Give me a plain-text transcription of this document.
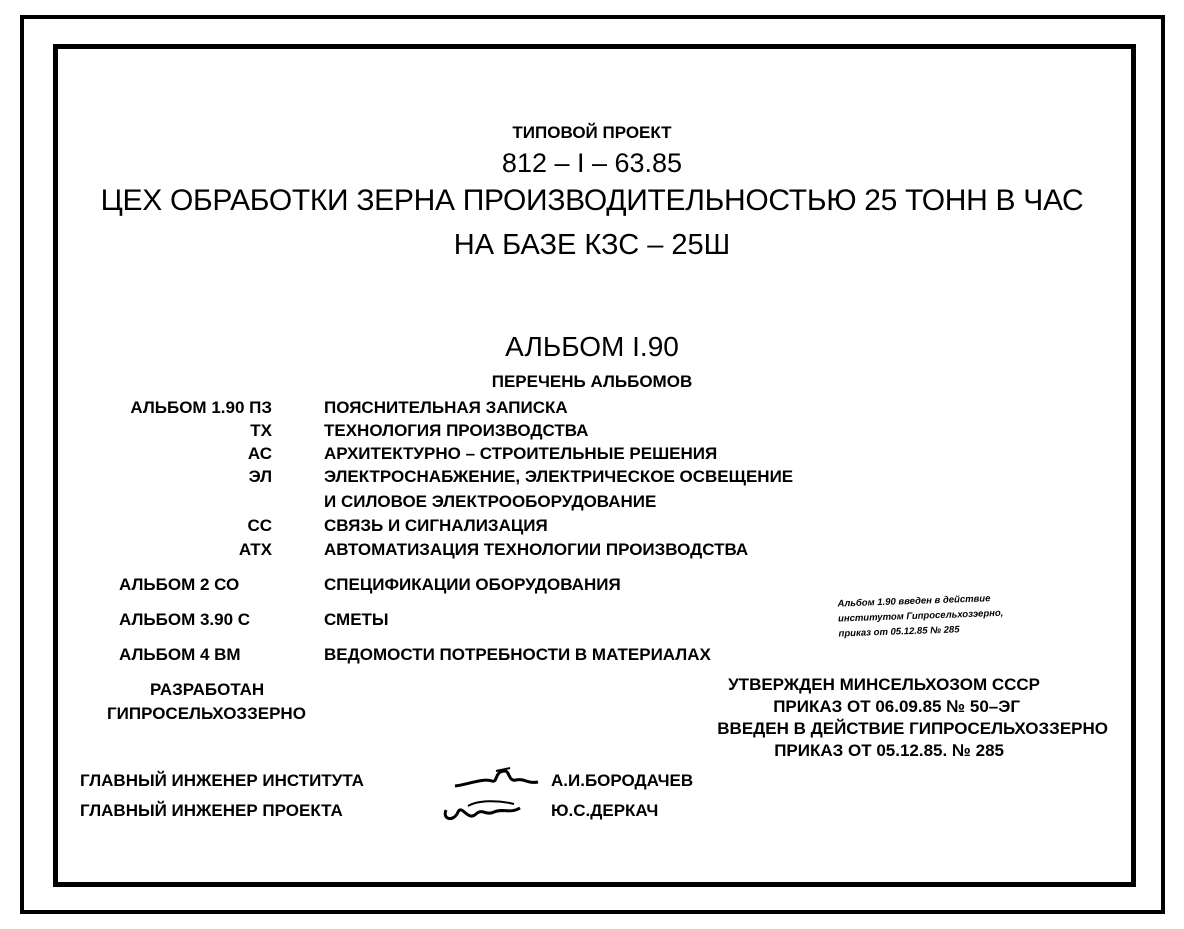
ТИПОВОЙ ПРОЕКТ
812 – I – 63.85
ЦЕХ ОБРАБОТКИ ЗЕРНА ПРОИЗВОДИТЕЛЬНОСТЬЮ 25 ТОНН В ЧАС
НА БАЗЕ КЗС – 25Ш
АЛЬБОМ I.90
ПЕРЕЧЕНЬ АЛЬБОМОВ
АЛЬБОМ 1.90 ПЗ	ПОЯСНИТЕЛЬНАЯ ЗАПИСКА
ТХ	ТЕХНОЛОГИЯ ПРОИЗВОДСТВА
АС	АРХИТЕКТУРНО – СТРОИТЕЛЬНЫЕ РЕШЕНИЯ
ЭЛ	ЭЛЕКТРОСНАБЖЕНИЕ, ЭЛЕКТРИЧЕСКОЕ ОСВЕЩЕНИЕ
И СИЛОВОЕ ЭЛЕКТРООБОРУДОВАНИЕ
СС	СВЯЗЬ И СИГНАЛИЗАЦИЯ
АТХ	АВТОМАТИЗАЦИЯ ТЕХНОЛОГИИ ПРОИЗВОДСТВА
АЛЬБОМ 2 СО	СПЕЦИФИКАЦИИ ОБОРУДОВАНИЯ
АЛЬБОМ 3.90 С	СМЕТЫ
АЛЬБОМ 4 ВМ	ВЕДОМОСТИ ПОТРЕБНОСТИ В МАТЕРИАЛАХ
Альбом 1.90 введен в действие
институтом Гипросельхозэерно,
приказ от 05.12.85 № 285
РАЗРАБОТАН
ГИПРОСЕЛЬХОЗЗЕРНО
УТВЕРЖДЕН МИНСЕЛЬХОЗОМ СССР
ПРИКАЗ ОТ 06.09.85 № 50–ЭГ
ВВЕДЕН В ДЕЙСТВИЕ ГИПРОСЕЛЬХОЗЗЕРНО
ПРИКАЗ ОТ 05.12.85. № 285
ГЛАВНЫЙ ИНЖЕНЕР ИНСТИТУТА	А.И.БОРОДАЧЕВ
ГЛАВНЫЙ ИНЖЕНЕР ПРОЕКТА	Ю.С.ДЕРКАЧ
